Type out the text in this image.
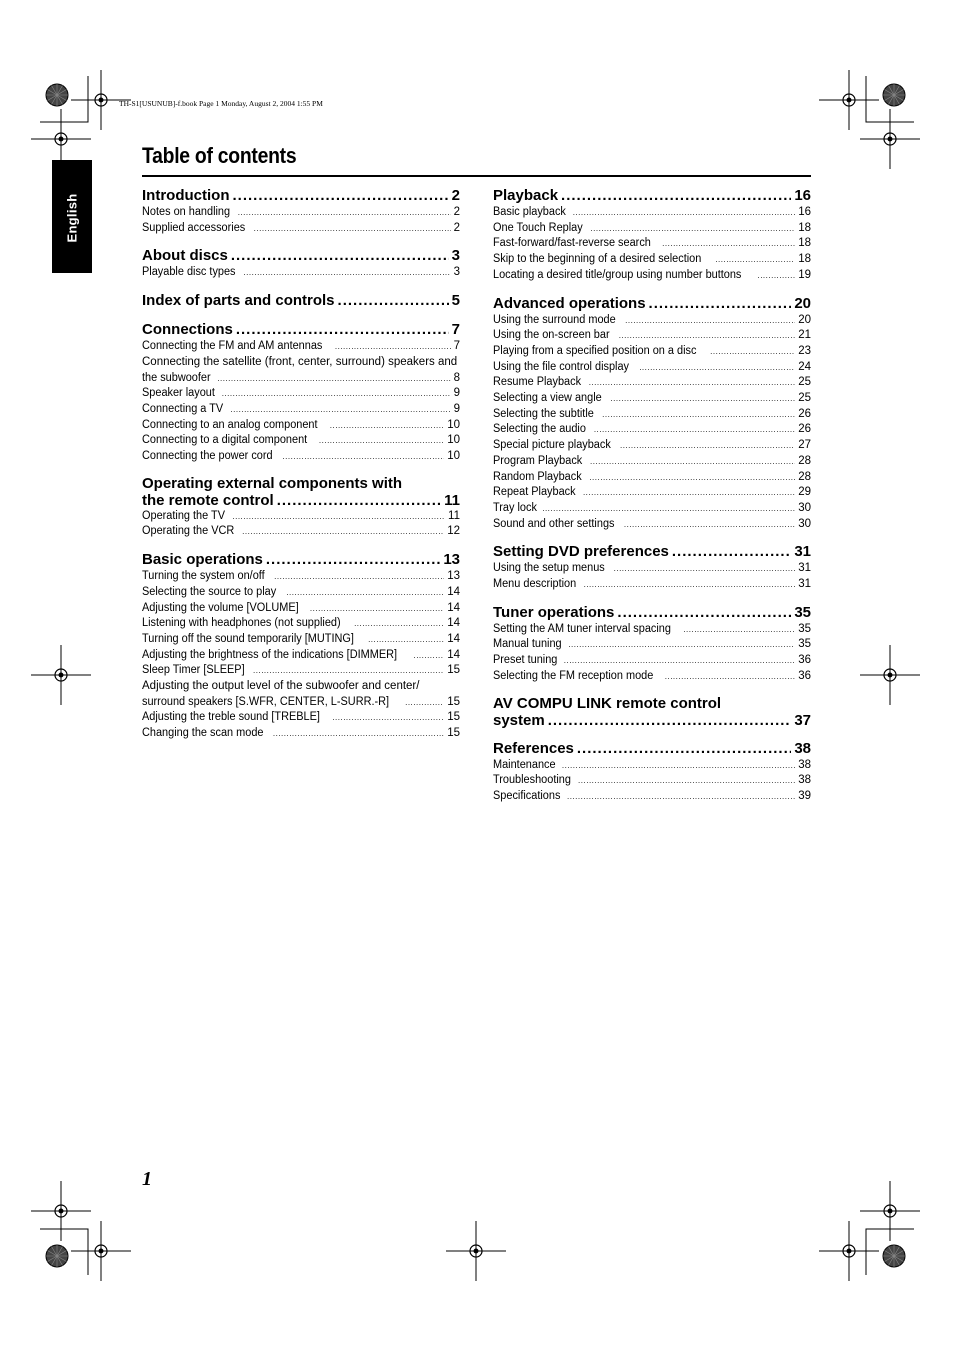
TH-S1[USUNUB]-f.book Page 1 Monday, August 2, 2004 1:55 PM
English
Table of contents
Introduction .....	2
Notes on handling .....	2
Supplied accessories .....	2
About discs .....	3
Playable disc types .....	3
Index of parts and controls .....	5
Connections .....	7
Connecting the FM and AM antennas .....	7
Connecting the satellite (front, center, surround) speakers and
the subwoofer .....	8
Speaker layout .....	9
Connecting a TV .....	9
Connecting to an analog component .....	10
Connecting to a digital component .....	10
Connecting the power cord .....	10
Operating external components with
the remote control .....	11
Operating the TV .....	11
Operating the VCR .....	12
Basic operations .....	13
Turning the system on/off .....	13
Selecting the source to play .....	14
Adjusting the volume [VOLUME] .....	14
Listening with headphones (not supplied) .....	14
Turning off the sound temporarily [MUTING] .....	14
Adjusting the brightness of the indications [DIMMER] .....	14
Sleep Timer [SLEEP] .....	15
Adjusting the output level of the subwoofer and center/
surround speakers [S.WFR, CENTER, L-SURR.-R] .....	15
Adjusting the treble sound [TREBLE] .....	15
Changing the scan mode .....	15
Playback .....	16
Basic playback .....	16
One Touch Replay .....	18
Fast-forward/fast-reverse search .....	18
Skip to the beginning of a desired selection .....	18
Locating a desired title/group using number buttons .....	19
Advanced operations .....	20
Using the surround mode .....	20
Using the on-screen bar .....	21
Playing from a specified position on a disc .....	23
Using the file control display .....	24
Resume Playback .....	25
Selecting a view angle .....	25
Selecting the subtitle .....	26
Selecting the audio .....	26
Special picture playback .....	27
Program Playback .....	28
Random Playback .....	28
Repeat Playback .....	29
Tray lock .....	30
Sound and other settings .....	30
Setting DVD preferences .....	31
Using the setup menus .....	31
Menu description .....	31
Tuner operations .....	35
Setting the AM tuner interval spacing .....	35
Manual tuning .....	35
Preset tuning .....	36
Selecting the FM reception mode .....	36
AV COMPU LINK remote control
system .....	37
References .....	38
Maintenance .....	38
Troubleshooting .....	38
Specifications .....	39
1
